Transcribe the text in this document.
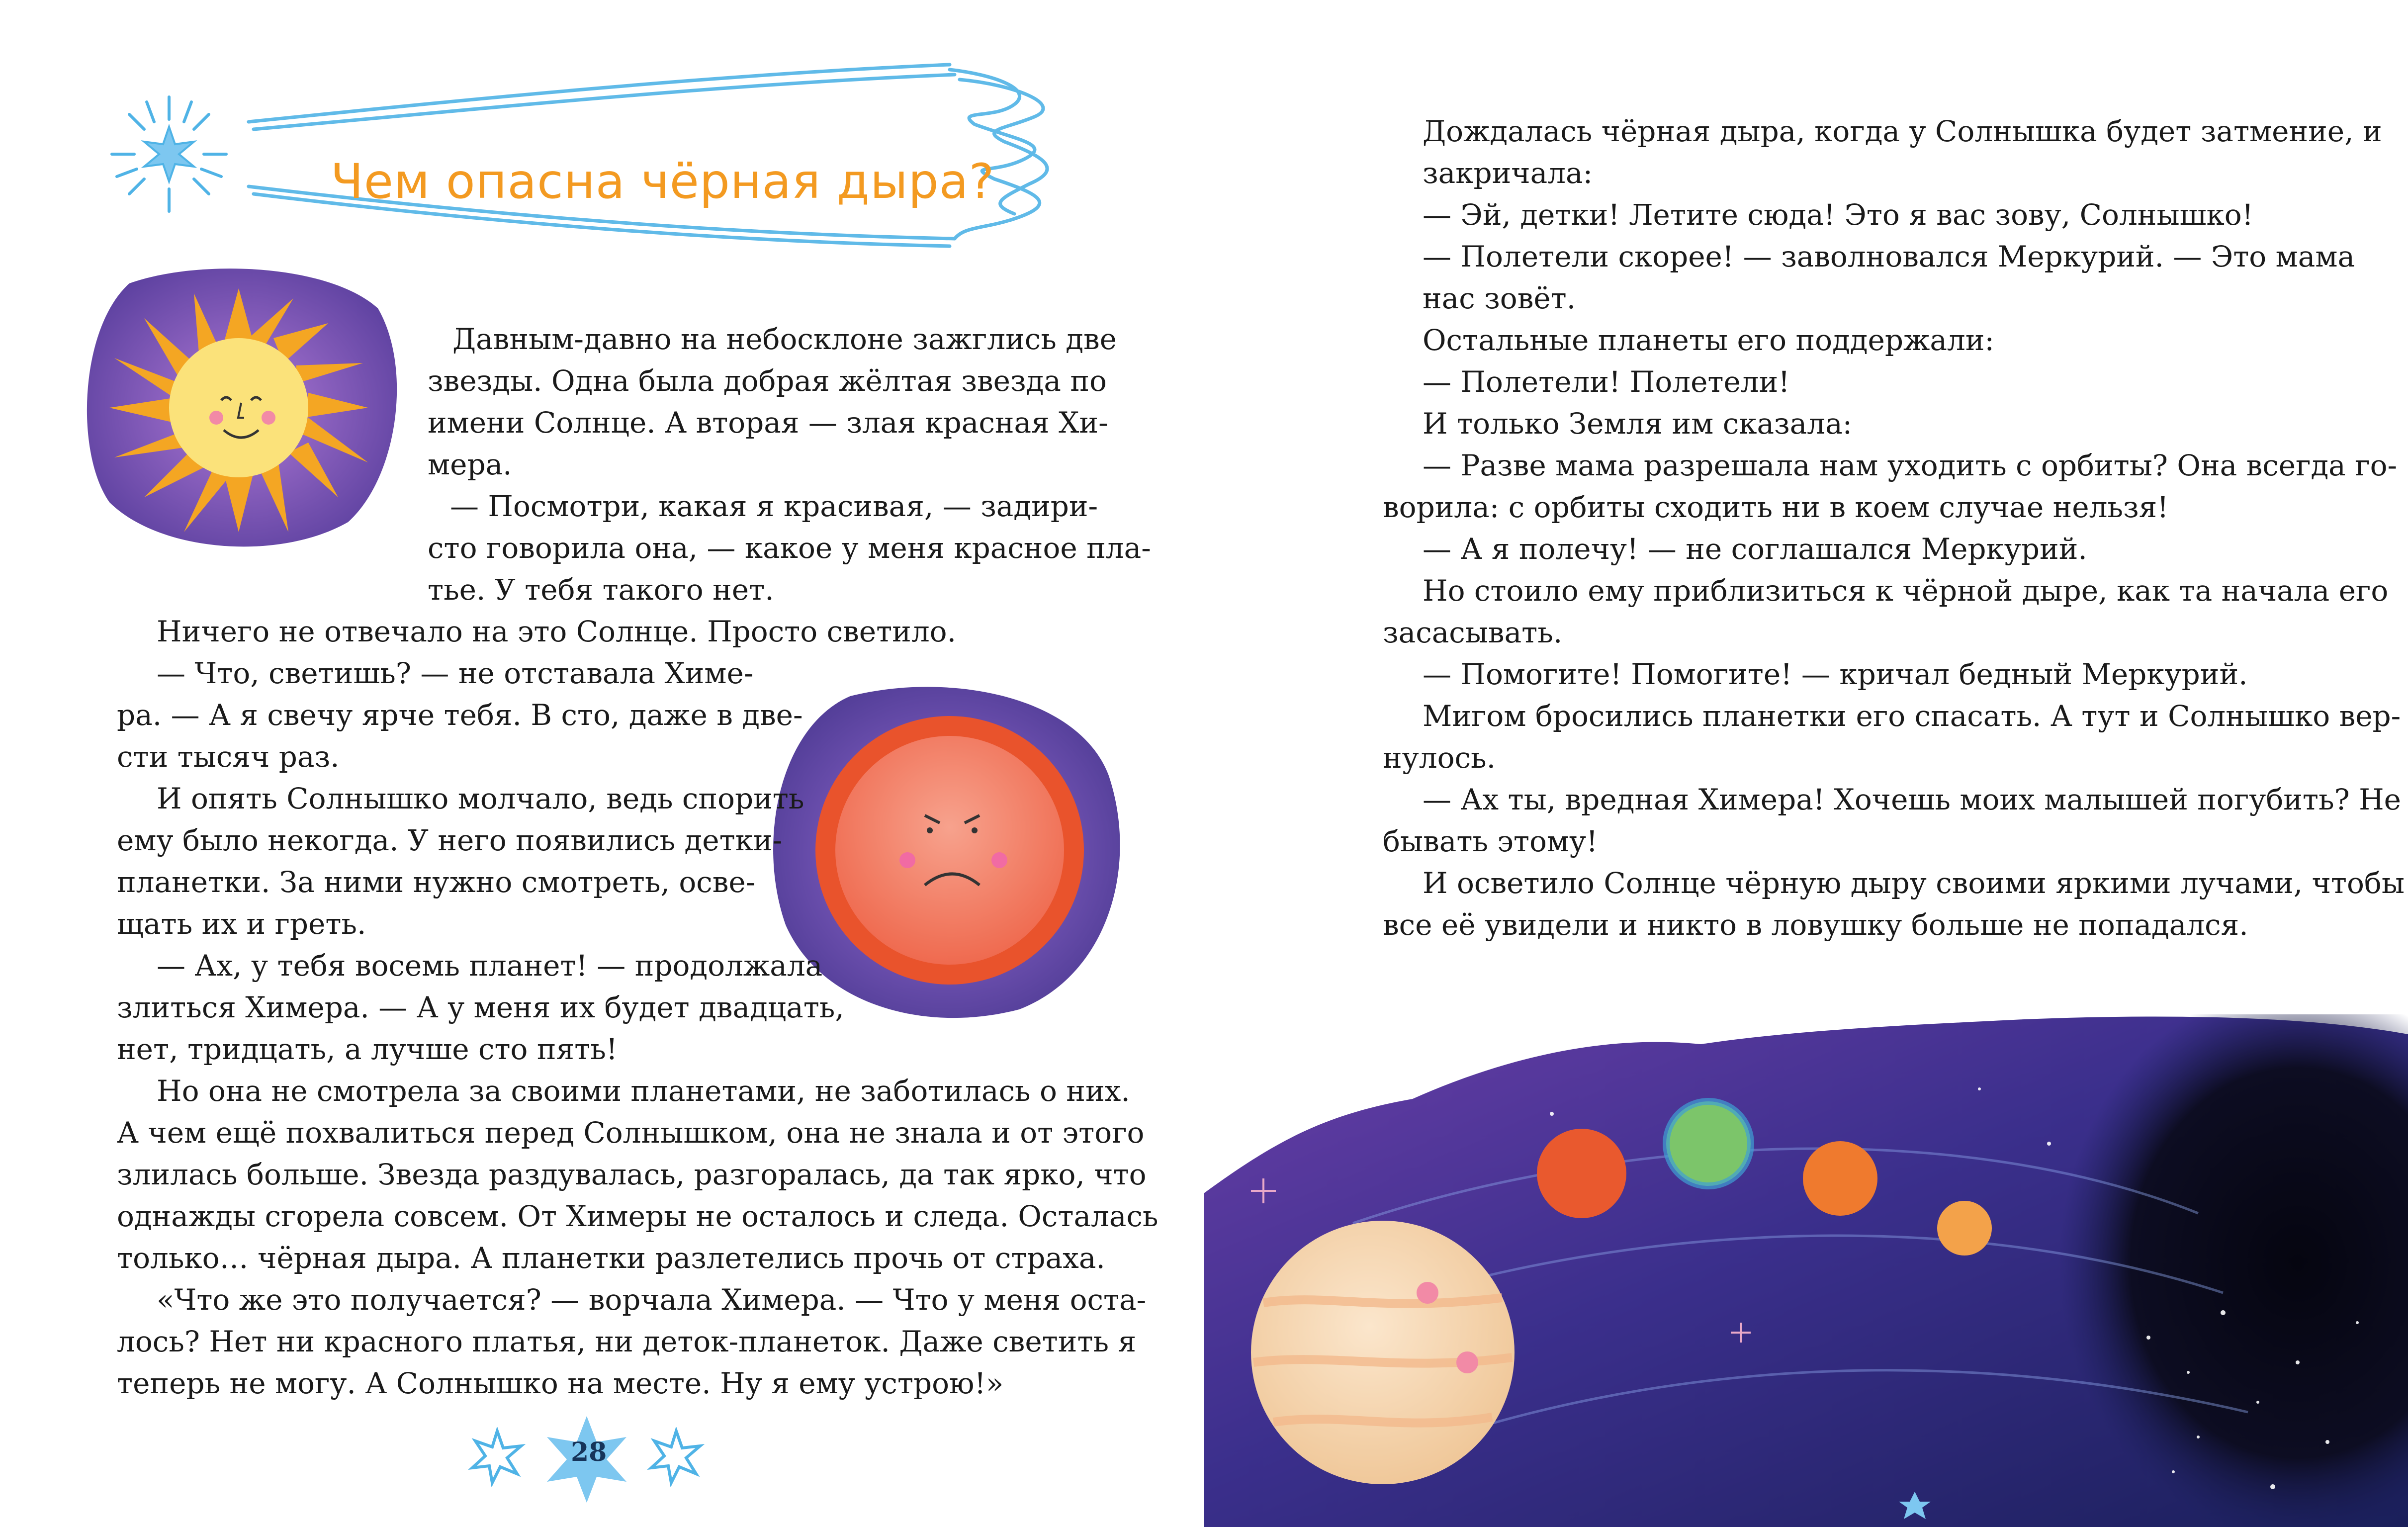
Чем опасна чёрная дыра?

Давным-давно на небосклоне зажглись две

звезды. Одна была добрая жёлтая звезда по

имени Солнце. А вторая — злая красная Хи-

мера.

— Посмотри, какая я красивая, — задири-

сто говорила она, — какое у меня красное пла-

тье. У тебя такого нет.

Ничего не отвечало на это Солнце. Просто светило.

— Что, светишь? — не отставала Химе-

ра. — А я свечу ярче тебя. В сто, даже в две-

сти тысяч раз.

И опять Солнышко молчало, ведь спорить

ему было некогда. У него появились детки-

планетки. За ними нужно смотреть, осве-

щать их и греть.

— Ах, у тебя восемь планет! — продолжала

злиться Химера. — А у меня их будет двадцать,

нет, тридцать, а лучше сто пять!

Но она не смотрела за своими планетами, не заботилась о них.

А чем ещё похвалиться перед Солнышком, она не знала и от этого

злилась больше. Звезда раздувалась, разгоралась, да так ярко, что

однажды сгорела совсем. От Химеры не осталось и следа. Осталась

только… чёрная дыра. А планетки разлетелись прочь от страха.

«Что же это получается? — ворчала Химера. — Что у меня оста-

лось? Нет ни красного платья, ни деток-планеток. Даже светить я

теперь не могу. А Солнышко на месте. Ну я ему устрою!»

28

Дождалась чёрная дыра, когда у Солнышка будет затмение, и

закричала:

— Эй, детки! Летите сюда! Это я вас зову, Солнышко!

— Полетели скорее! — заволновался Меркурий. — Это мама

нас зовёт.

Остальные планеты его поддержали:

— Полетели! Полетели!

И только Земля им сказала:

— Разве мама разрешала нам уходить с орбиты? Она всегда го-

ворила: с орбиты сходить ни в коем случае нельзя!

— А я полечу! — не соглашался Меркурий.

Но стоило ему приблизиться к чёрной дыре, как та начала его

засасывать.

— Помогите! Помогите! — кричал бедный Меркурий.

Мигом бросились планетки его спасать. А тут и Солнышко вер-

нулось.

— Ах ты, вредная Химера! Хочешь моих малышей погубить? Не

бывать этому!

И осветило Солнце чёрную дыру своими яркими лучами, чтобы

все её увидели и никто в ловушку больше не попадался.
